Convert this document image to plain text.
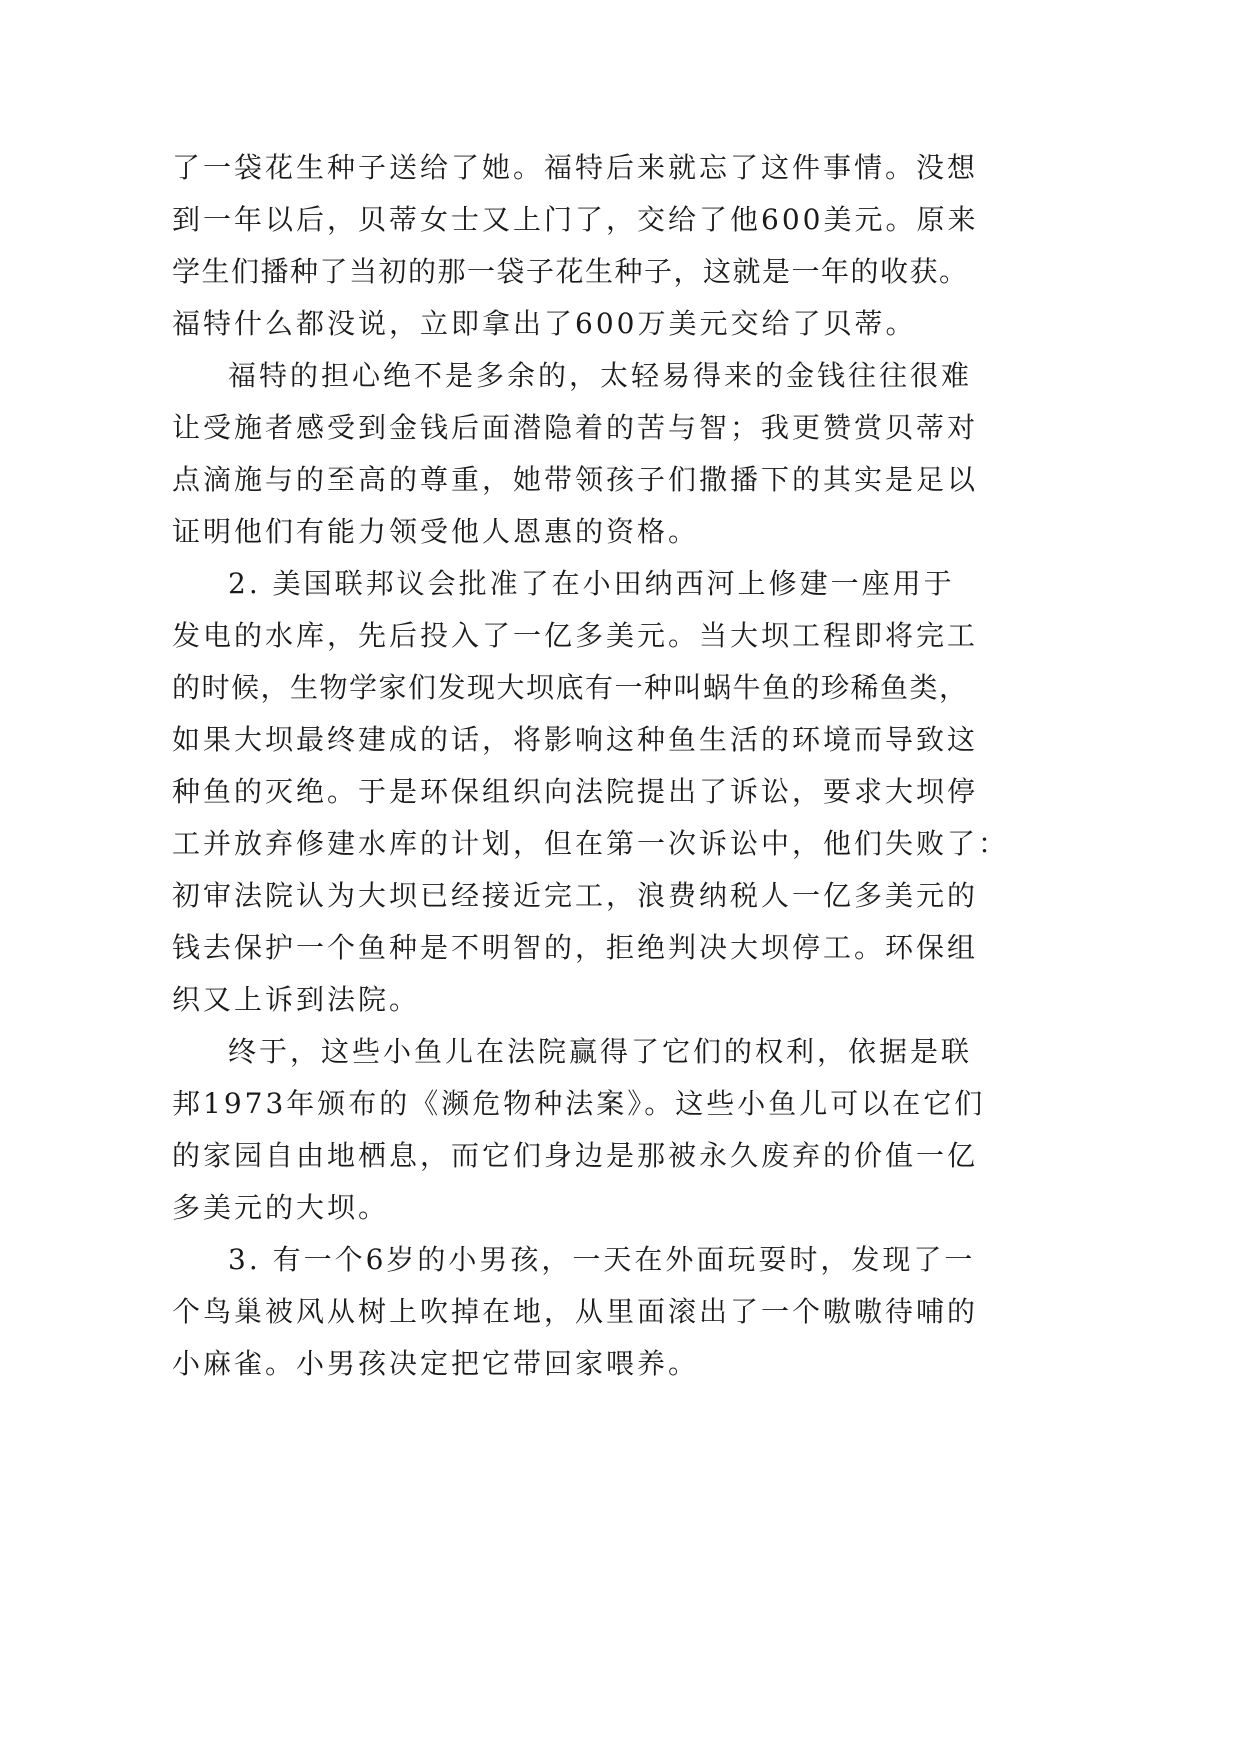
了一袋花生种子送给了她。福特后来就忘了这件事情。没想
到一年以后，贝蒂女士又上门了，交给了他600美元。原来
学生们播种了当初的那一袋子花生种子，这就是一年的收获。
福特什么都没说，立即拿出了600万美元交给了贝蒂。
福特的担心绝不是多余的，太轻易得来的金钱往往很难
让受施者感受到金钱后面潜隐着的苦与智；我更赞赏贝蒂对
点滴施与的至高的尊重，她带领孩子们撒播下的其实是足以
证明他们有能力领受他人恩惠的资格。
2. 美国联邦议会批准了在小田纳西河上修建一座用于
发电的水库，先后投入了一亿多美元。当大坝工程即将完工
的时候，生物学家们发现大坝底有一种叫蜗牛鱼的珍稀鱼类，
如果大坝最终建成的话，将影响这种鱼生活的环境而导致这
种鱼的灭绝。于是环保组织向法院提出了诉讼，要求大坝停
工并放弃修建水库的计划，但在第一次诉讼中，他们失败了：
初审法院认为大坝已经接近完工，浪费纳税人一亿多美元的
钱去保护一个鱼种是不明智的，拒绝判决大坝停工。环保组
织又上诉到法院。
终于，这些小鱼儿在法院赢得了它们的权利，依据是联
邦1973年颁布的《濒危物种法案》。这些小鱼儿可以在它们
的家园自由地栖息，而它们身边是那被永久废弃的价值一亿
多美元的大坝。
3. 有一个6岁的小男孩，一天在外面玩耍时，发现了一
个鸟巢被风从树上吹掉在地，从里面滚出了一个嗷嗷待哺的
小麻雀。小男孩决定把它带回家喂养。
